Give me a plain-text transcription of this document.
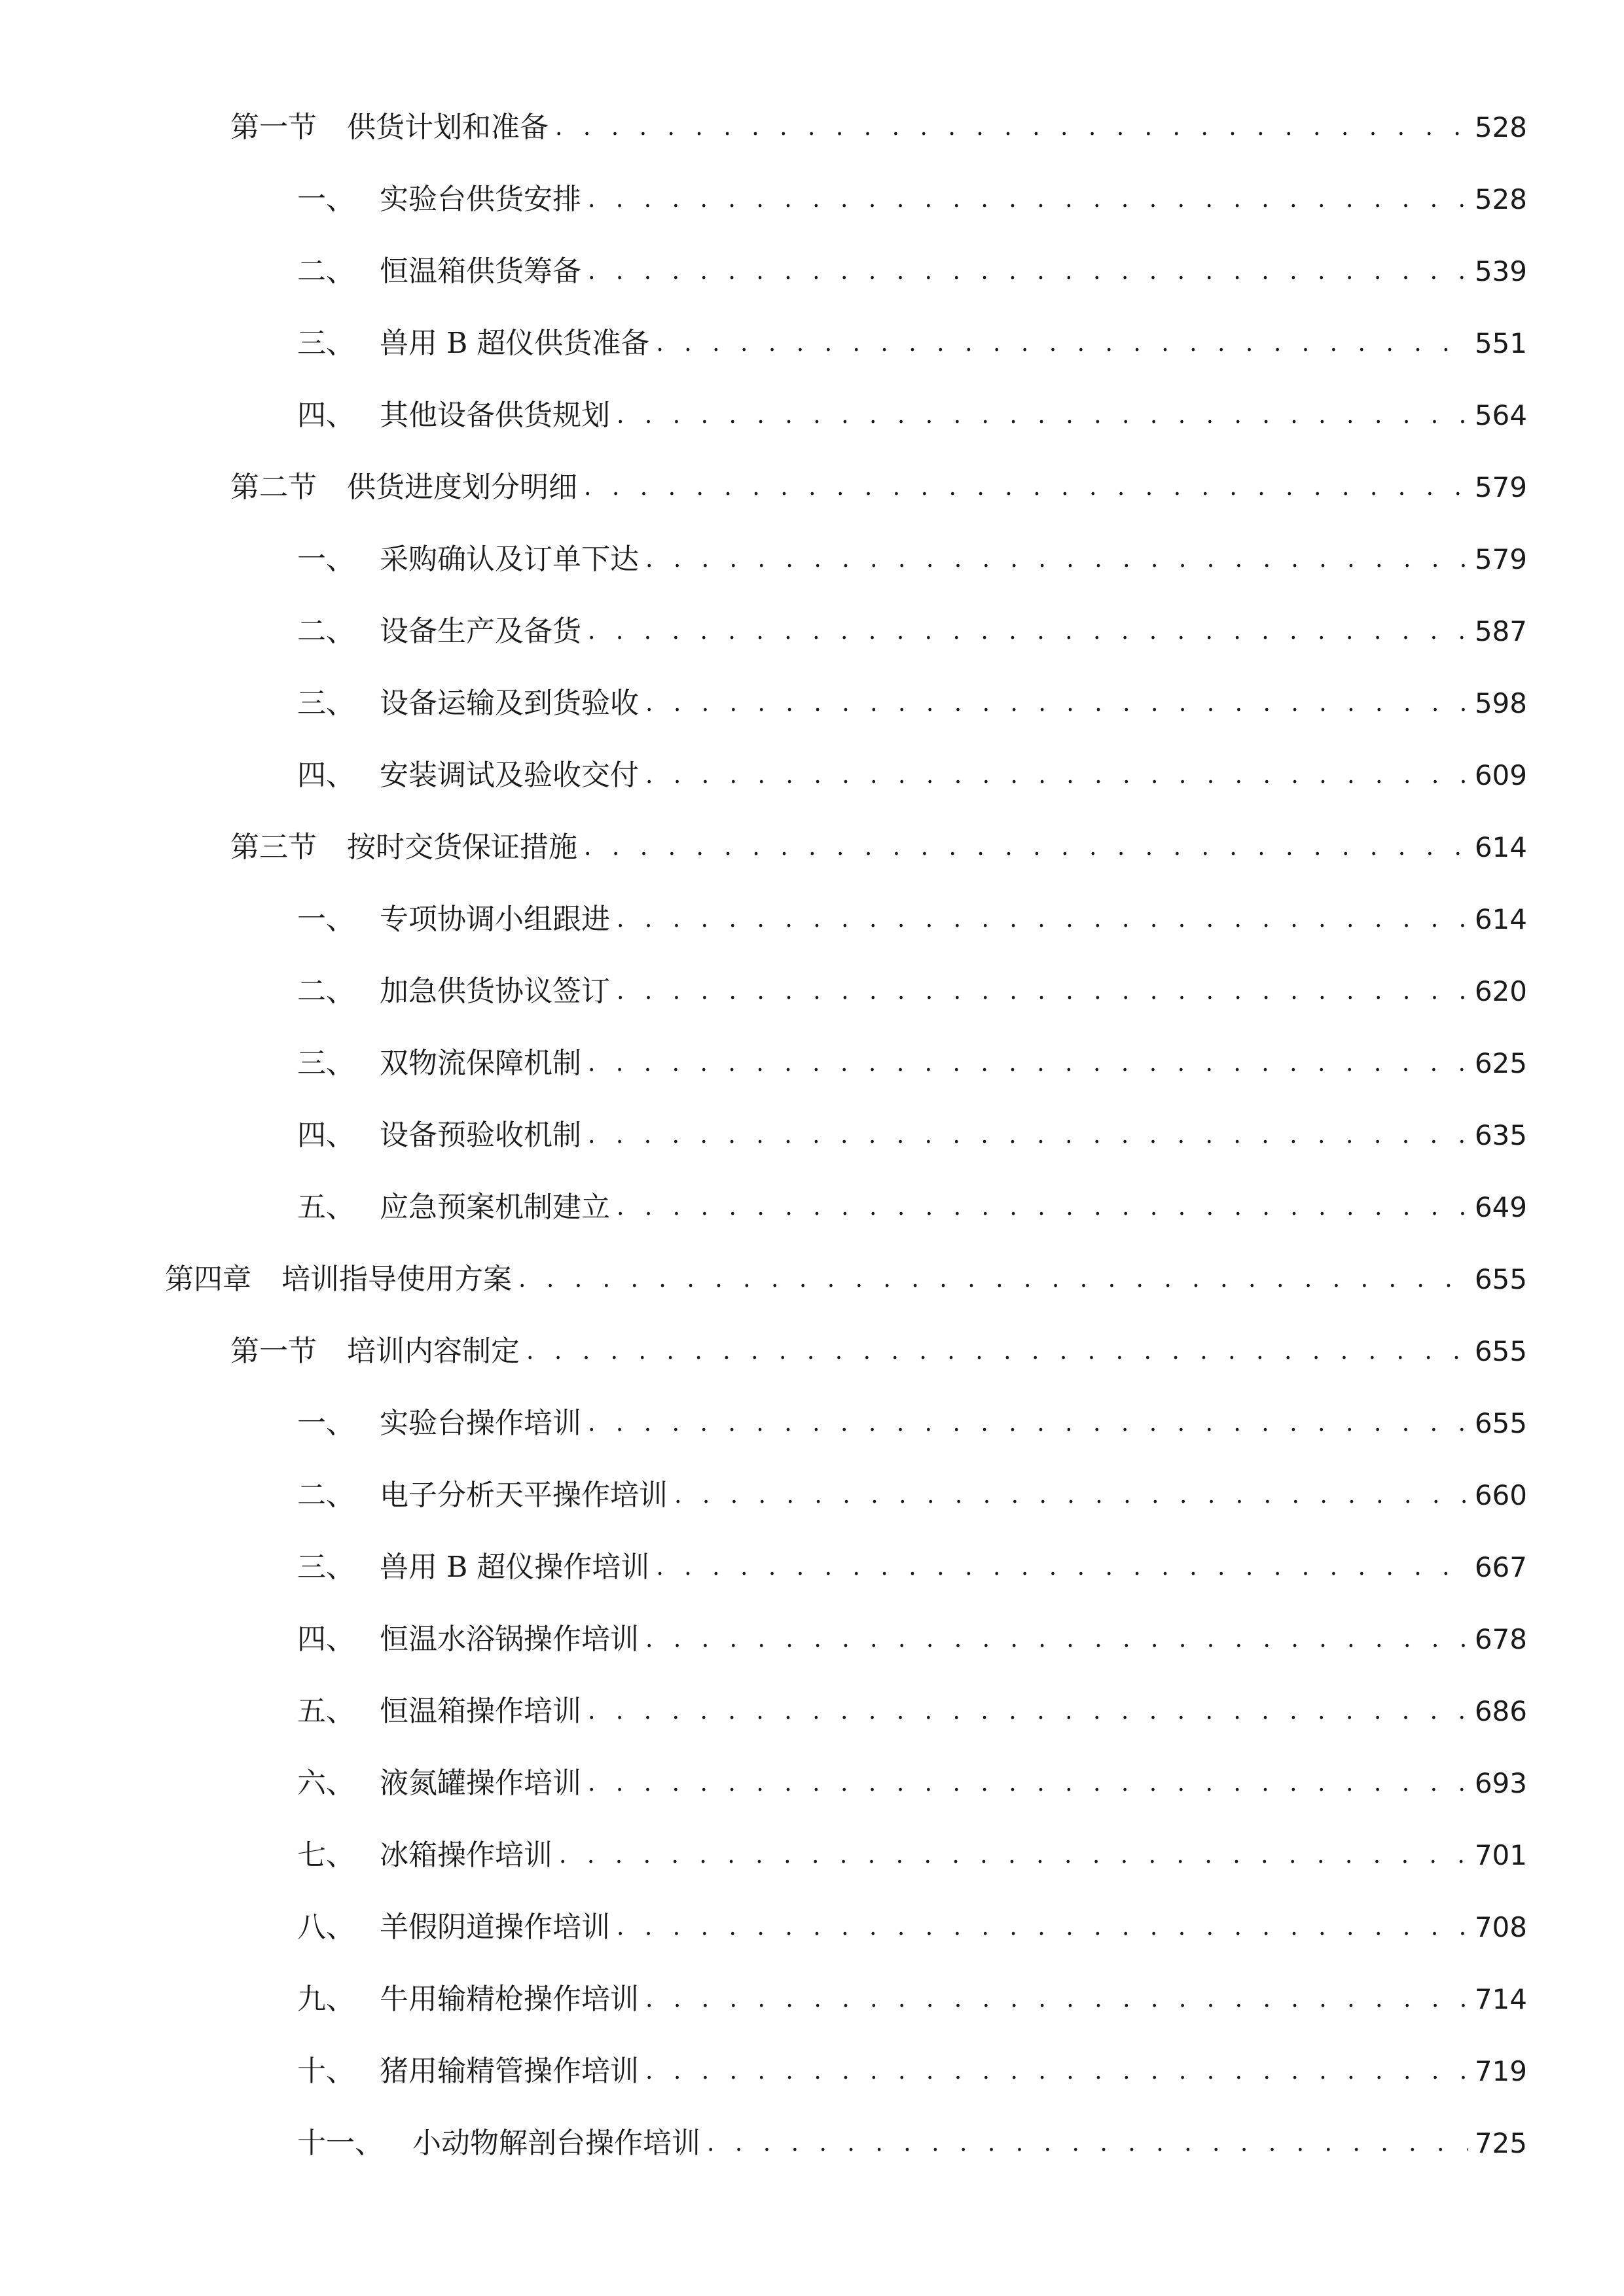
第一节	供货计划和准备 . . .	528
一、 实验台供货安排 . . .	528
二、 恒温箱供货筹备 . . .	539
三、 兽用 B 超仪供货准备 . . .	551
四、 其他设备供货规划 . . .	564
第二节	供货进度划分明细 . . .	579
一、 采购确认及订单下达 . . .	579
二、 设备生产及备货 . . .	587
三、 设备运输及到货验收 . . .	598
四、 安装调试及验收交付 . . .	609
第三节	按时交货保证措施 . . .	614
一、 专项协调小组跟进 . . .	614
二、 加急供货协议签订 . . .	620
三、 双物流保障机制 . . .	625
四、 设备预验收机制 . . .	635
五、 应急预案机制建立 . . .	649
第四章	培训指导使用方案 . . .	655
第一节	培训内容制定 . . .	655
一、 实验台操作培训 . . .	655
二、 电子分析天平操作培训 . . .	660
三、 兽用 B 超仪操作培训 . . .	667
四、 恒温水浴锅操作培训 . . .	678
五、 恒温箱操作培训 . . .	686
六、 液氮罐操作培训 . . .	693
七、 冰箱操作培训 . . .	701
八、 羊假阴道操作培训 . . .	708
九、 牛用输精枪操作培训 . . .	714
十、 猪用输精管操作培训 . . .	719
十一、	小动物解剖台操作培训 . . .	725
